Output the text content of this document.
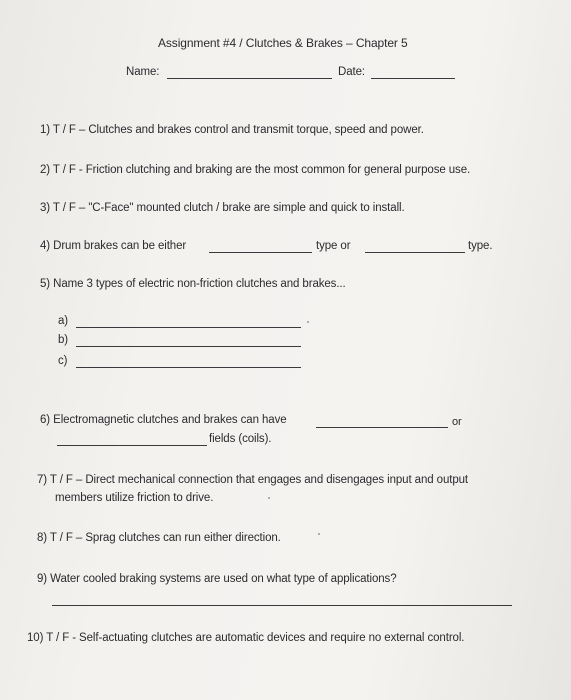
Assignment #4 / Clutches & Brakes – Chapter 5
Name:	Date:
1) T / F – Clutches and brakes control and transmit torque, speed and power.
2) T / F - Friction clutching and braking are the most common for general purpose use.
3) T / F – "C-Face" mounted clutch / brake are simple and quick to install.
4) Drum brakes can be either	type or	type.
5) Name 3 types of electric non-friction clutches and brakes...
a)
b)
c)
6) Electromagnetic clutches and brakes can have	or
fields (coils).
7) T / F – Direct mechanical connection that engages and disengages input and output
members utilize friction to drive.
8) T / F – Sprag clutches can run either direction.
9) Water cooled braking systems are used on what type of applications?
10) T / F - Self-actuating clutches are automatic devices and require no external control.
